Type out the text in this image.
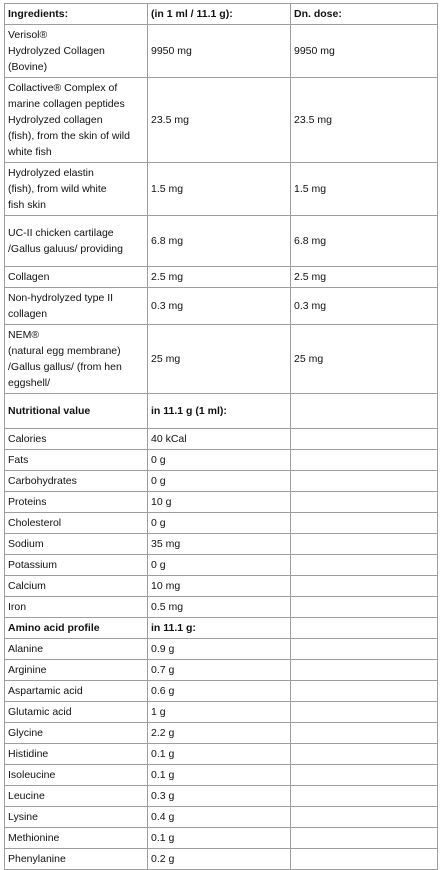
Ingredients:	(in 1 ml / 11.1 g):	Dn. dose:
Verisol®
Hydrolyzed Collagen
(Bovine)	9950 mg	9950 mg
Collactive® Complex of
marine collagen peptides
Hydrolyzed collagen
(fish), from the skin of wild
white fish	23.5 mg	23.5 mg
Hydrolyzed elastin
(fish), from wild white
fish skin	1.5 mg	1.5 mg
UC-II chicken cartilage
/Gallus galuus/ providing	6.8 mg	6.8 mg
Collagen	2.5 mg	2.5 mg
Non-hydrolyzed type II
collagen	0.3 mg	0.3 mg
NEM®
(natural egg membrane)
/Gallus gallus/ (from hen
eggshell/	25 mg	25 mg
Nutritional value	in 11.1 g (1 ml):	
Calories	40 kCal	
Fats	0 g	
Carbohydrates	0 g	
Proteins	10 g	
Cholesterol	0 g	
Sodium	35 mg	
Potassium	0 g	
Calcium	10 mg	
Iron	0.5 mg	
Amino acid profile	in 11.1 g:	
Alanine	0.9 g	
Arginine	0.7 g	
Aspartamic acid	0.6 g	
Glutamic acid	1 g	
Glycine	2.2 g	
Histidine	0.1 g	
Isoleucine	0.1 g	
Leucine	0.3 g	
Lysine	0.4 g	
Methionine	0.1 g	
Phenylanine	0.2 g	
